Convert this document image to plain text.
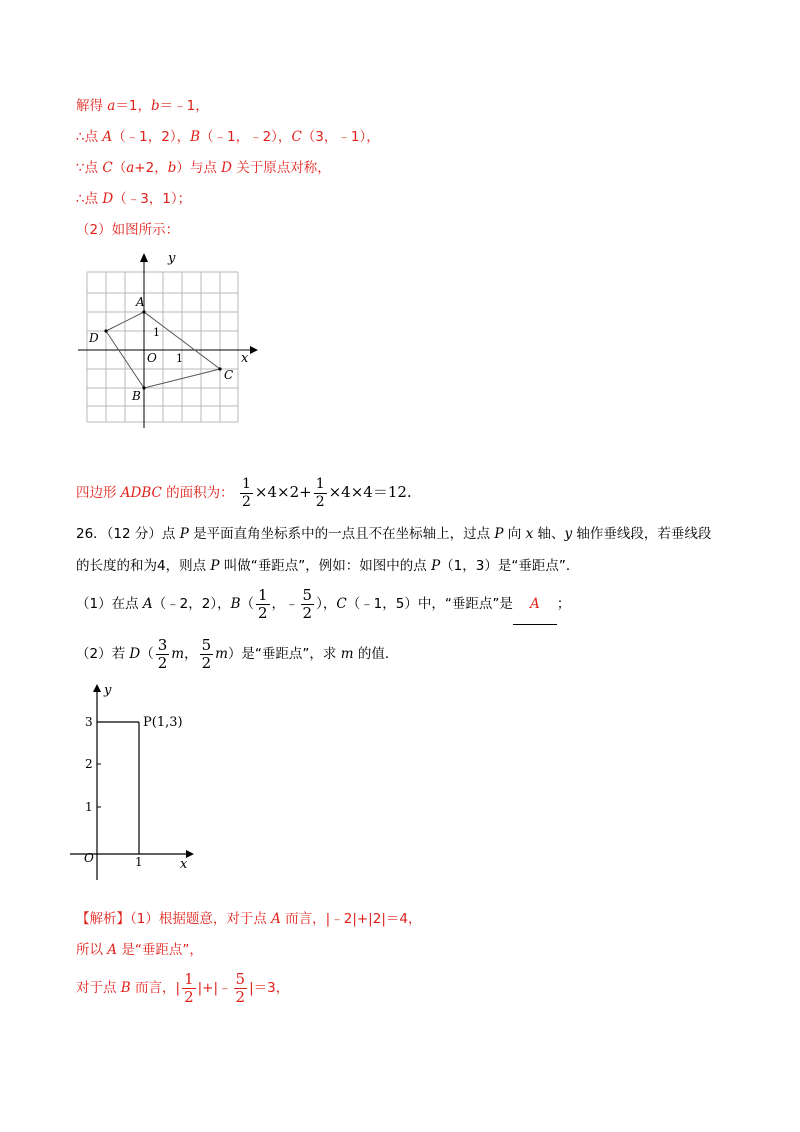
解得 a＝1，b＝﹣1，
∴点 A（﹣1，2），B（﹣1，﹣2），C（3，﹣1），
∵点 C（a+2，b）与点 D 关于原点对称，
∴点 D（﹣3，1）；
（2）如图所示：
y
x
O
1
1
A
B
C
D
四边形 ADBC 的面积为： $\frac{1}{2} \times 4\times 2+ \frac{1}{2} \times 4\times 4=12$.
26．（12 分）点 P 是平面直角坐标系中的一点且不在坐标轴上，过点 P 向 x 轴、y 轴作垂线段，若垂线段
的长度的和为4，则点 P 叫做“垂距点”，例如：如图中的点 P（1，3）是“垂距点”．
（1）在点 A（﹣2，2），$B( \frac{1}{2}$ ，﹣ $\frac{5}{2}$ ），C（﹣1，5）中，“垂距点”是 A ；
（2）若 $D( \frac{3}{2}$ m， $\frac{5}{2} m$）是“垂距点”，求 m 的值．
y
x
O	1
1
2
3	P(1,3)
【解析】（1）根据题意，对于点 A 而言，|﹣2|+|2|＝4，
所以 A 是“垂距点”，
对于点 B 而言，| $\frac{1}{2}$ |+|﹣ $\frac{5}{2} |=3$，
